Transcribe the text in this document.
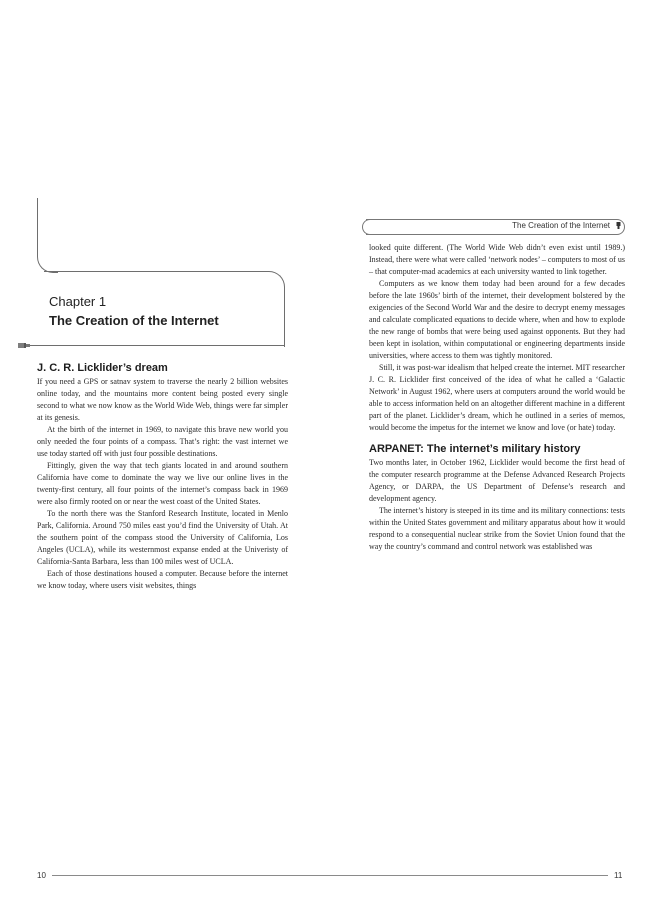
Chapter 1
The Creation of the Internet
J. C. R. Licklider’s dream

If you need a GPS or satnav system to traverse the nearly 2 billion websites online today, and the mountains more content being posted every single second to what we now know as the World Wide Web, things were far simpler at its genesis.

At the birth of the internet in 1969, to navigate this brave new world you only needed the four points of a compass. That’s right: the vast internet we use today started off with just four possible destinations.

Fittingly, given the way that tech giants located in and around southern California have come to dominate the way we live our online lives in the twenty-first century, all four points of the internet’s compass back in 1969 were also firmly rooted on or near the west coast of the United States.

To the north there was the Stanford Research Institute, located in Menlo Park, California. Around 750 miles east you’d find the University of Utah. At the southern point of the compass stood the University of California, Los Angeles (UCLA), while its westernmost expanse ended at the Univeristy of California-Santa Barbara, less than 100 miles west of UCLA.

Each of those destinations housed a computer. Because before the internet we know today, where users visit websites, things

The Creation of the Internet

looked quite different. (The World Wide Web didn’t even exist until 1989.) Instead, there were what were called ‘network nodes’ – computers to most of us – that computer-mad academics at each university wanted to link together.

Computers as we know them today had been around for a few decades before the late 1960s’ birth of the internet, their development bolstered by the exigencies of the Second World War and the desire to decrypt enemy messages and calculate complicated equations to decide where, when and how to explode the new range of bombs that were being used against opponents. But they had been kept in isolation, within computational or engineering departments inside universities, where access to them was tightly monitored.

Still, it was post-war idealism that helped create the internet. MIT researcher J. C. R. Licklider first conceived of the idea of what he called a ‘Galactic Network’ in August 1962, where users at computers around the world would be able to access information held on an altogether different machine in a different part of the planet. Licklider’s dream, which he outlined in a series of memos, would become the impetus for the internet we know and love (or hate) today.

ARPANET: The internet’s military history

Two months later, in October 1962, Licklider would become the first head of the computer research programme at the Defense Advanced Research Projects Agency, or DARPA, the US Department of Defense’s research and development agency.

The internet’s history is steeped in its time and its military connections: tests within the United States government and military apparatus about how it would respond to a consequential nuclear strike from the Soviet Union found that the way the country’s command and control network was established was

10	11
